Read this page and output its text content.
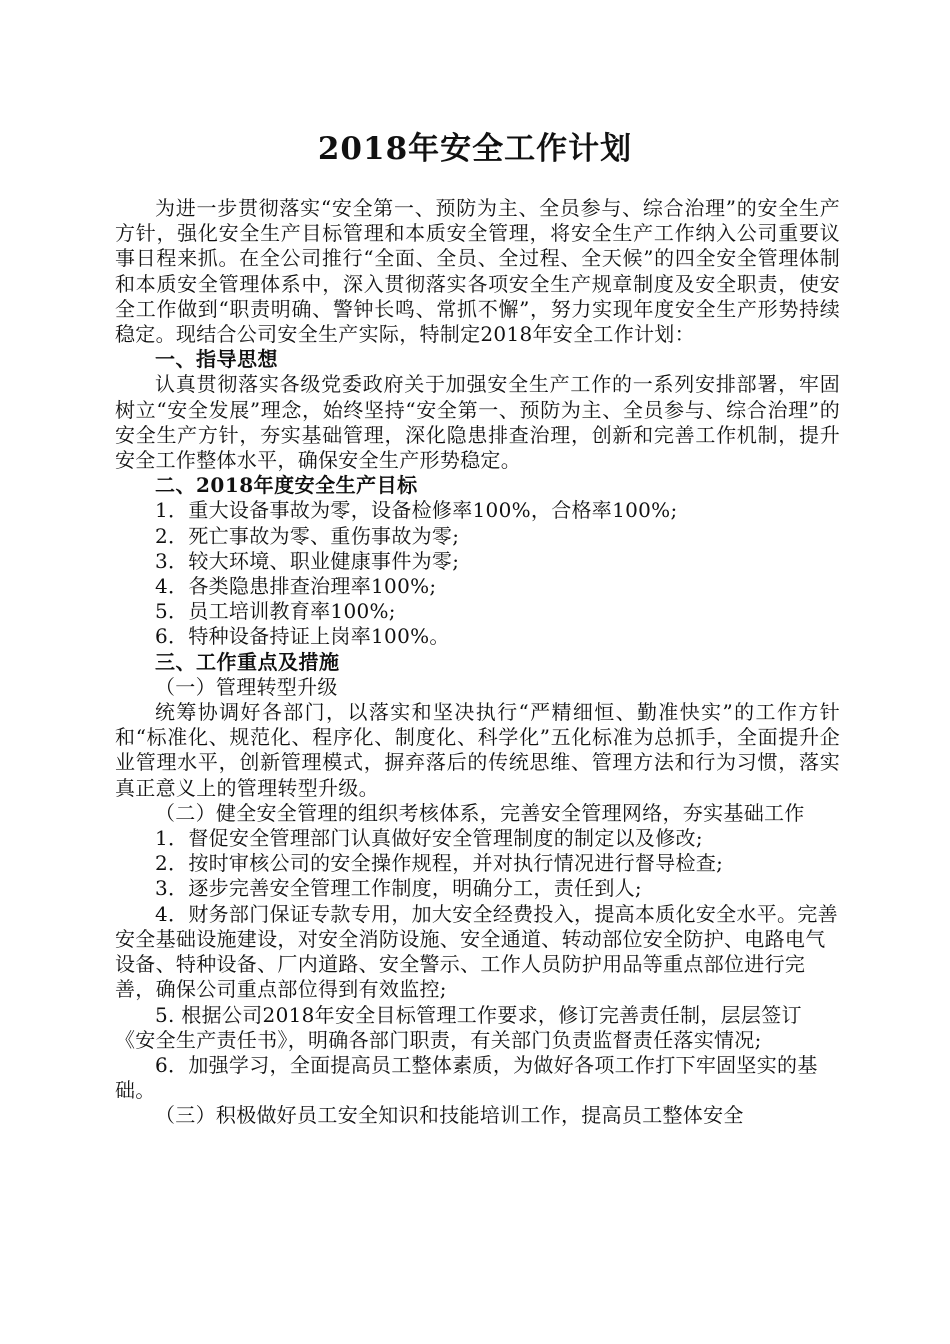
2018年安全工作计划

为进一步贯彻落实“安全第一、预防为主、全员参与、综合治理”的安全生产方针，强化安全生产目标管理和本质安全管理，将安全生产工作纳入公司重要议事日程来抓。在全公司推行“全面、全员、全过程、全天候”的四全安全管理体制和本质安全管理体系中，深入贯彻落实各项安全生产规章制度及安全职责，使安全工作做到“职责明确、警钟长鸣、常抓不懈”，努力实现年度安全生产形势持续稳定。现结合公司安全生产实际，特制定2018年安全工作计划：

一、指导思想

认真贯彻落实各级党委政府关于加强安全生产工作的一系列安排部署，牢固树立“安全发展”理念，始终坚持“安全第一、预防为主、全员参与、综合治理”的安全生产方针，夯实基础管理，深化隐患排查治理，创新和完善工作机制，提升安全工作整体水平，确保安全生产形势稳定。

二、2018年度安全生产目标

1．重大设备事故为零，设备检修率100%，合格率100%;

2．死亡事故为零、重伤事故为零;

3．较大环境、职业健康事件为零;

4．各类隐患排查治理率100%;

5．员工培训教育率100%;

6．特种设备持证上岗率100%。

三、工作重点及措施

（一）管理转型升级

统筹协调好各部门，以落实和坚决执行“严精细恒、勤准快实”的工作方针和“标准化、规范化、程序化、制度化、科学化”五化标准为总抓手，全面提升企业管理水平，创新管理模式，摒弃落后的传统思维、管理方法和行为习惯，落实真正意义上的管理转型升级。

（二）健全安全管理的组织考核体系，完善安全管理网络，夯实基础工作

1．督促安全管理部门认真做好安全管理制度的制定以及修改;

2．按时审核公司的安全操作规程，并对执行情况进行督导检查;

3．逐步完善安全管理工作制度，明确分工，责任到人;

4．财务部门保证专款专用，加大安全经费投入，提高本质化安全水平。完善安全基础设施建设，对安全消防设施、安全通道、转动部位安全防护、电路电气设备、特种设备、厂内道路、安全警示、工作人员防护用品等重点部位进行完善，确保公司重点部位得到有效监控;

5. 根据公司2018年安全目标管理工作要求，修订完善责任制，层层签订《安全生产责任书》，明确各部门职责，有关部门负责监督责任落实情况;

6．加强学习，全面提高员工整体素质，为做好各项工作打下牢固坚实的基础。

（三）积极做好员工安全知识和技能培训工作，提高员工整体安全
